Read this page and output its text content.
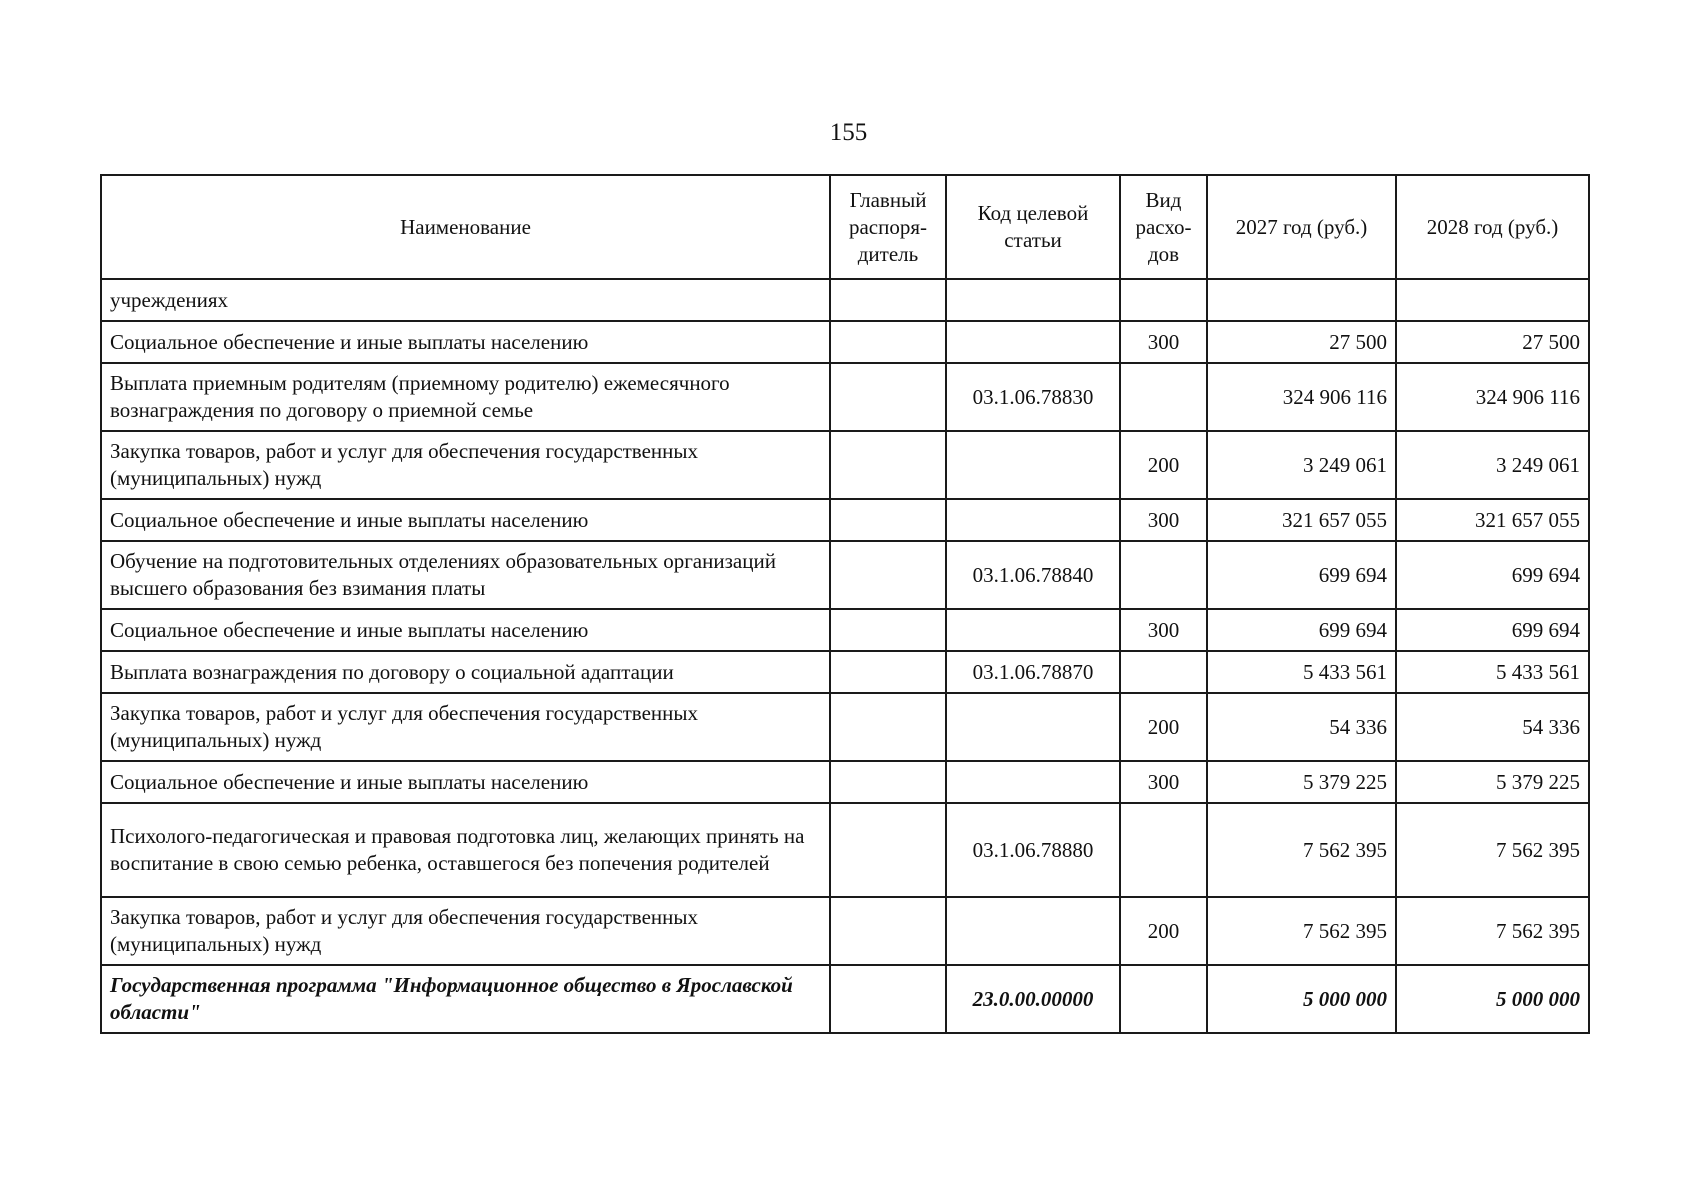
155
Наименование	Главный распоря-дитель	Код целевой статьи	Вид расхо-дов	2027 год (руб.)	2028 год (руб.)
учреждениях					
Социальное обеспечение и иные выплаты населению			300	27 500	27 500
Выплата приемным родителям (приемному родителю) ежемесячного вознаграждения по договору о приемной семье		03.1.06.78830		324 906 116	324 906 116
Закупка товаров, работ и услуг для обеспечения государственных (муниципальных) нужд			200	3 249 061	3 249 061
Социальное обеспечение и иные выплаты населению			300	321 657 055	321 657 055
Обучение на подготовительных отделениях образовательных организаций высшего образования без взимания платы		03.1.06.78840		699 694	699 694
Социальное обеспечение и иные выплаты населению			300	699 694	699 694
Выплата вознаграждения по договору о социальной адаптации		03.1.06.78870		5 433 561	5 433 561
Закупка товаров, работ и услуг для обеспечения государственных (муниципальных) нужд			200	54 336	54 336
Социальное обеспечение и иные выплаты населению			300	5 379 225	5 379 225
Психолого-педагогическая и правовая подготовка лиц, желающих принять на воспитание в свою семью ребенка, оставшегося без попечения родителей		03.1.06.78880		7 562 395	7 562 395
Закупка товаров, работ и услуг для обеспечения государственных (муниципальных) нужд			200	7 562 395	7 562 395
Государственная программа "Информационное общество в Ярославской области"		23.0.00.00000		5 000 000	5 000 000
